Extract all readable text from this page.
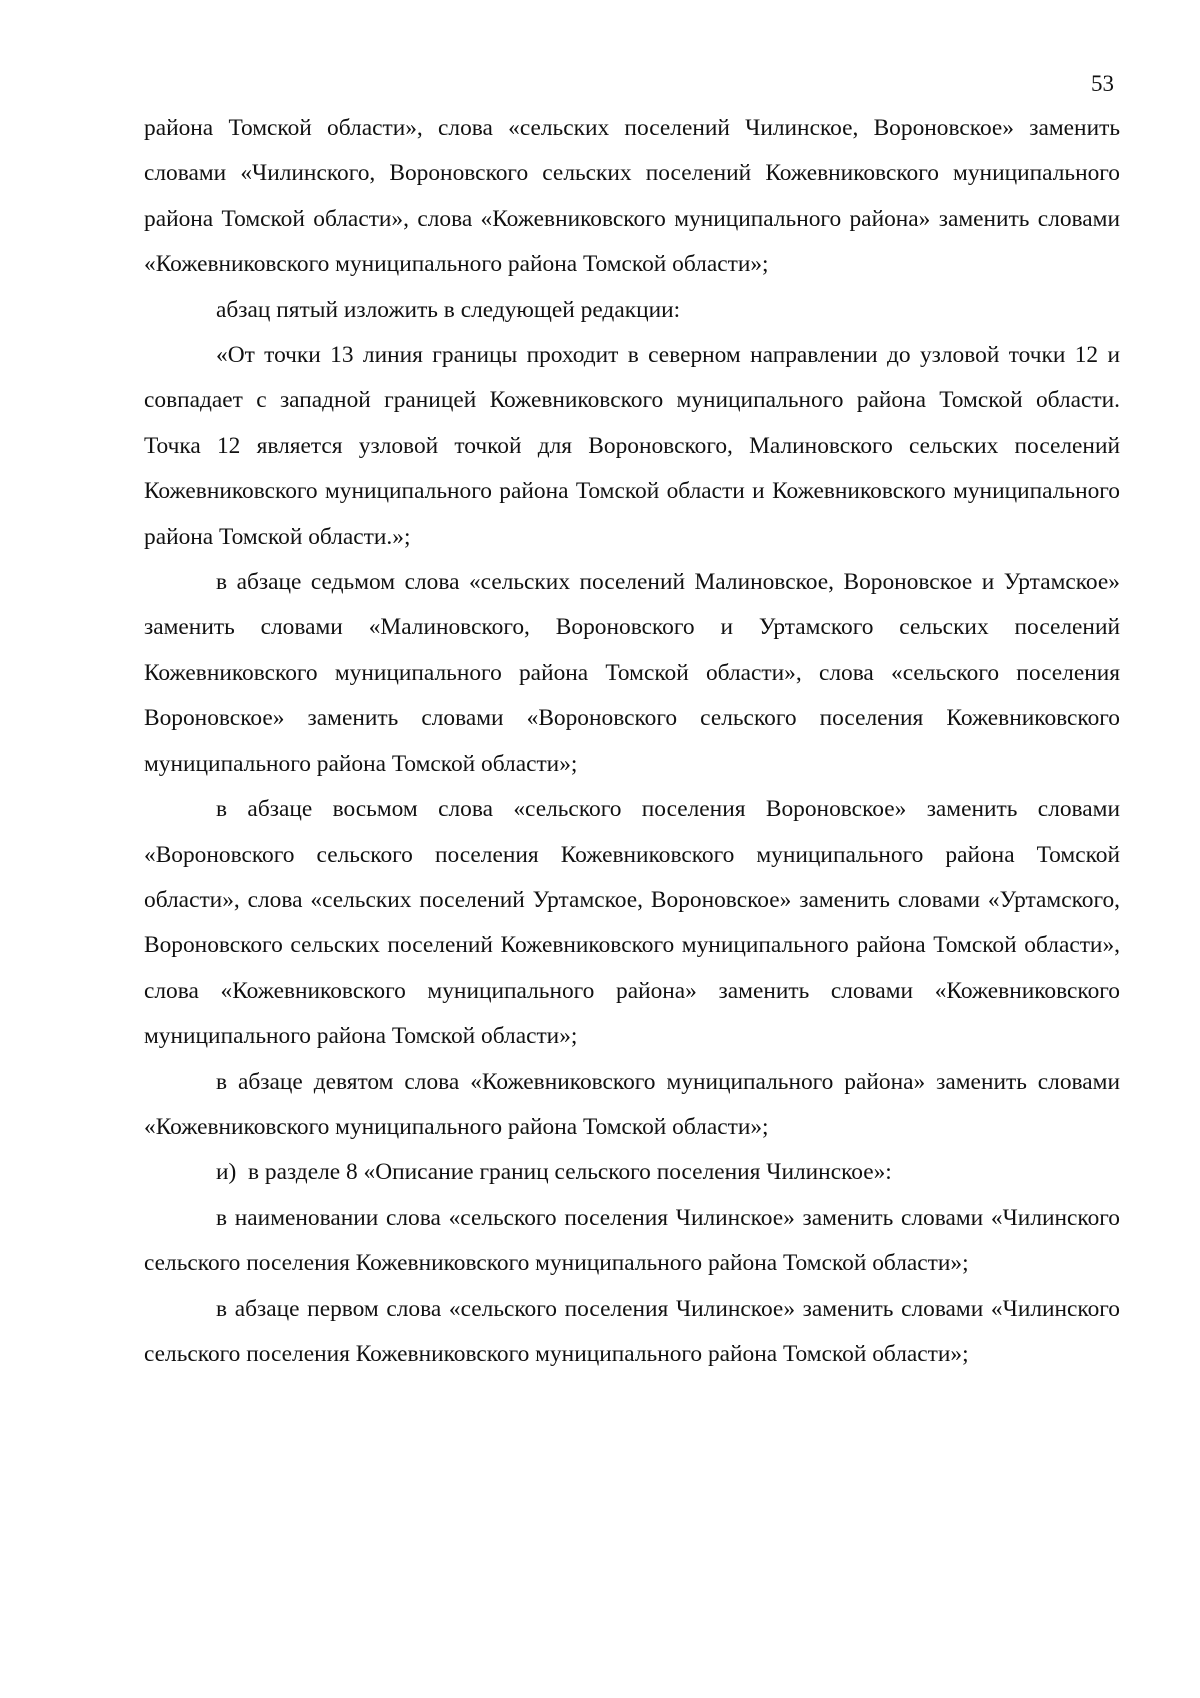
53

района Томской области», слова «сельских поселений Чилинское, Вороновское» заменить словами «Чилинского, Вороновского сельских поселений Кожевниковского муниципального района Томской области», слова «Кожевниковского муниципального района» заменить словами «Кожевниковского муниципального района Томской области»;

абзац пятый изложить в следующей редакции:

«От точки 13 линия границы проходит в северном направлении до узловой точки 12 и совпадает с западной границей Кожевниковского муниципального района Томской области. Точка 12 является узловой точкой для Вороновского, Малиновского сельских поселений Кожевниковского муниципального района Томской области и Кожевниковского муниципального района Томской области.»;

в абзаце седьмом слова «сельских поселений Малиновское, Вороновское и Уртамское» заменить словами «Малиновского, Вороновского и Уртамского сельских поселений Кожевниковского муниципального района Томской области», слова «сельского поселения Вороновское» заменить словами «Вороновского сельского поселения Кожевниковского муниципального района Томской области»;

в абзаце восьмом слова «сельского поселения Вороновское» заменить словами «Вороновского сельского поселения Кожевниковского муниципального района Томской области», слова «сельских поселений Уртамское, Вороновское» заменить словами «Уртамского, Вороновского сельских поселений Кожевниковского муниципального района Томской области», слова «Кожевниковского муниципального района» заменить словами «Кожевниковского муниципального района Томской области»;

в абзаце девятом слова «Кожевниковского муниципального района» заменить словами «Кожевниковского муниципального района Томской области»;

и)  в разделе 8 «Описание границ сельского поселения Чилинское»:

в наименовании слова «сельского поселения Чилинское» заменить словами «Чилинского сельского поселения Кожевниковского муниципального района Томской области»;

в абзаце первом слова «сельского поселения Чилинское» заменить словами «Чилинского сельского поселения Кожевниковского муниципального района Томской области»;
